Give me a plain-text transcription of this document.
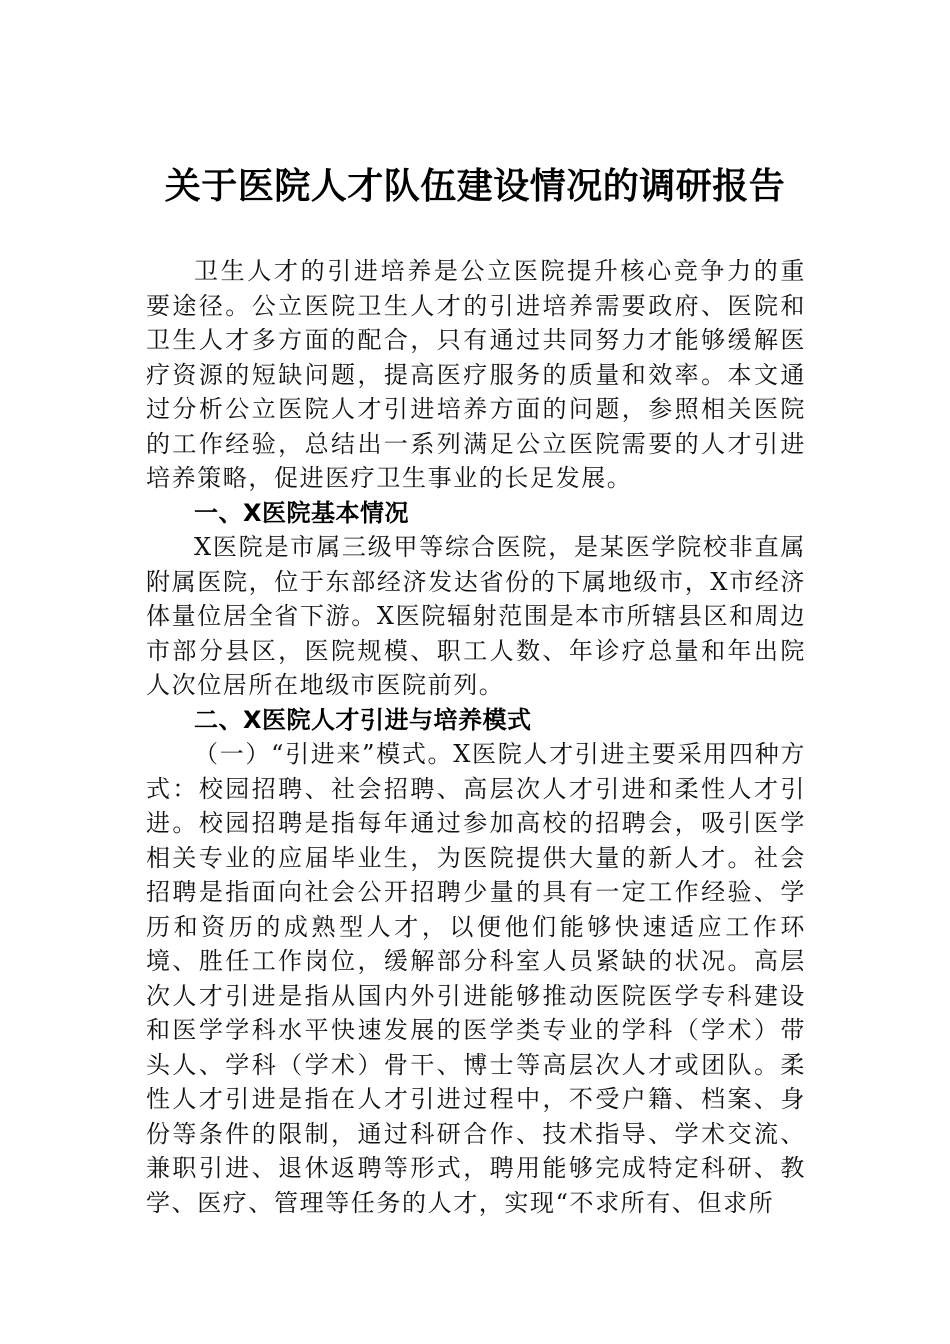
关于医院人才队伍建设情况的调研报告

卫生人才的引进培养是公立医院提升核心竞争力的重要途径。公立医院卫生人才的引进培养需要政府、医院和卫生人才多方面的配合，只有通过共同努力才能够缓解医疗资源的短缺问题，提高医疗服务的质量和效率。本文通过分析公立医院人才引进培养方面的问题，参照相关医院的工作经验，总结出一系列满足公立医院需要的人才引进培养策略，促进医疗卫生事业的长足发展。

一、X医院基本情况

X医院是市属三级甲等综合医院，是某医学院校非直属附属医院，位于东部经济发达省份的下属地级市，X市经济体量位居全省下游。X医院辐射范围是本市所辖县区和周边市部分县区，医院规模、职工人数、年诊疗总量和年出院人次位居所在地级市医院前列。

二、X医院人才引进与培养模式

（一）“引进来”模式。X医院人才引进主要采用四种方式：校园招聘、社会招聘、高层次人才引进和柔性人才引进。校园招聘是指每年通过参加高校的招聘会，吸引医学相关专业的应届毕业生，为医院提供大量的新人才。社会招聘是指面向社会公开招聘少量的具有一定工作经验、学历和资历的成熟型人才，以便他们能够快速适应工作环境、胜任工作岗位，缓解部分科室人员紧缺的状况。高层次人才引进是指从国内外引进能够推动医院医学专科建设和医学学科水平快速发展的医学类专业的学科（学术）带头人、学科（学术）骨干、博士等高层次人才或团队。柔性人才引进是指在人才引进过程中，不受户籍、档案、身份等条件的限制，通过科研合作、技术指导、学术交流、兼职引进、退休返聘等形式，聘用能够完成特定科研、教学、医疗、管理等任务的人才，实现“不求所有、但求所
